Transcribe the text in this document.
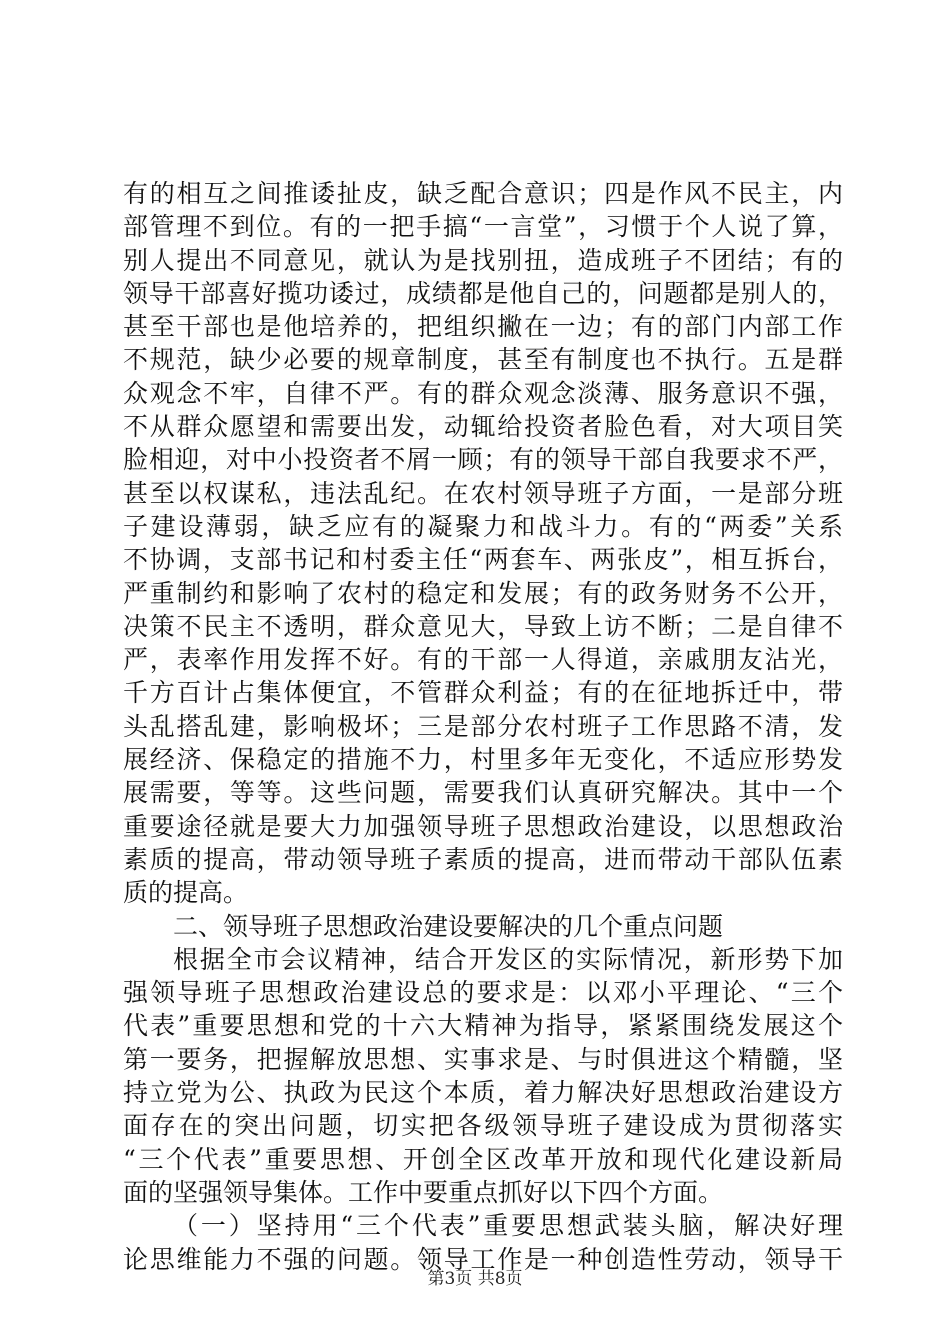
有的相互之间推诿扯皮，缺乏配合意识；四是作风不民主，内
部管理不到位。有的一把手搞“一言堂”，习惯于个人说了算，
别人提出不同意见，就认为是找别扭，造成班子不团结；有的
领导干部喜好揽功诿过，成绩都是他自己的，问题都是别人的，
甚至干部也是他培养的，把组织撇在一边；有的部门内部工作
不规范，缺少必要的规章制度，甚至有制度也不执行。五是群
众观念不牢，自律不严。有的群众观念淡薄、服务意识不强，
不从群众愿望和需要出发，动辄给投资者脸色看，对大项目笑
脸相迎，对中小投资者不屑一顾；有的领导干部自我要求不严，
甚至以权谋私，违法乱纪。在农村领导班子方面，一是部分班
子建设薄弱，缺乏应有的凝聚力和战斗力。有的“两委”关系
不协调，支部书记和村委主任“两套车、两张皮”，相互拆台，
严重制约和影响了农村的稳定和发展；有的政务财务不公开，
决策不民主不透明，群众意见大，导致上访不断；二是自律不
严，表率作用发挥不好。有的干部一人得道，亲戚朋友沾光，
千方百计占集体便宜，不管群众利益；有的在征地拆迁中，带
头乱搭乱建，影响极坏；三是部分农村班子工作思路不清，发
展经济、保稳定的措施不力，村里多年无变化，不适应形势发
展需要，等等。这些问题，需要我们认真研究解决。其中一个
重要途径就是要大力加强领导班子思想政治建设，以思想政治
素质的提高，带动领导班子素质的提高，进而带动干部队伍素
质的提高。
二、领导班子思想政治建设要解决的几个重点问题
根据全市会议精神，结合开发区的实际情况，新形势下加
强领导班子思想政治建设总的要求是：以邓小平理论、“三个
代表”重要思想和党的十六大精神为指导，紧紧围绕发展这个
第一要务，把握解放思想、实事求是、与时俱进这个精髓，坚
持立党为公、执政为民这个本质，着力解决好思想政治建设方
面存在的突出问题，切实把各级领导班子建设成为贯彻落实
“三个代表”重要思想、开创全区改革开放和现代化建设新局
面的坚强领导集体。工作中要重点抓好以下四个方面。
（一）坚持用“三个代表”重要思想武装头脑，解决好理
论思维能力不强的问题。领导工作是一种创造性劳动，领导干
第3页 共8页
